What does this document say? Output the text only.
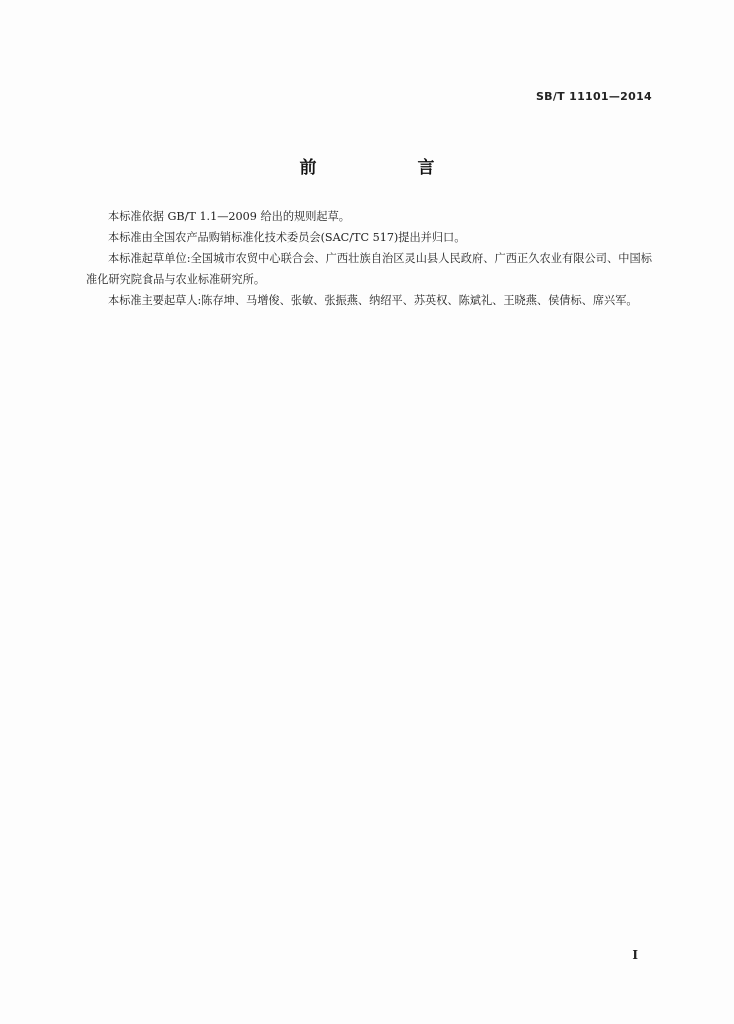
SB/T 11101—2014
前　言

本标准依据 GB/T 1.1—2009 给出的规则起草。

本标准由全国农产品购销标准化技术委员会(SAC/TC 517)提出并归口。

本标准起草单位:全国城市农贸中心联合会、广西壮族自治区灵山县人民政府、广西正久农业有限公司、中国标准化研究院食品与农业标准研究所。

本标准主要起草人:陈存坤、马增俊、张敏、张振燕、纳绍平、苏英权、陈斌礼、王晓燕、侯倩标、席兴军。

I
